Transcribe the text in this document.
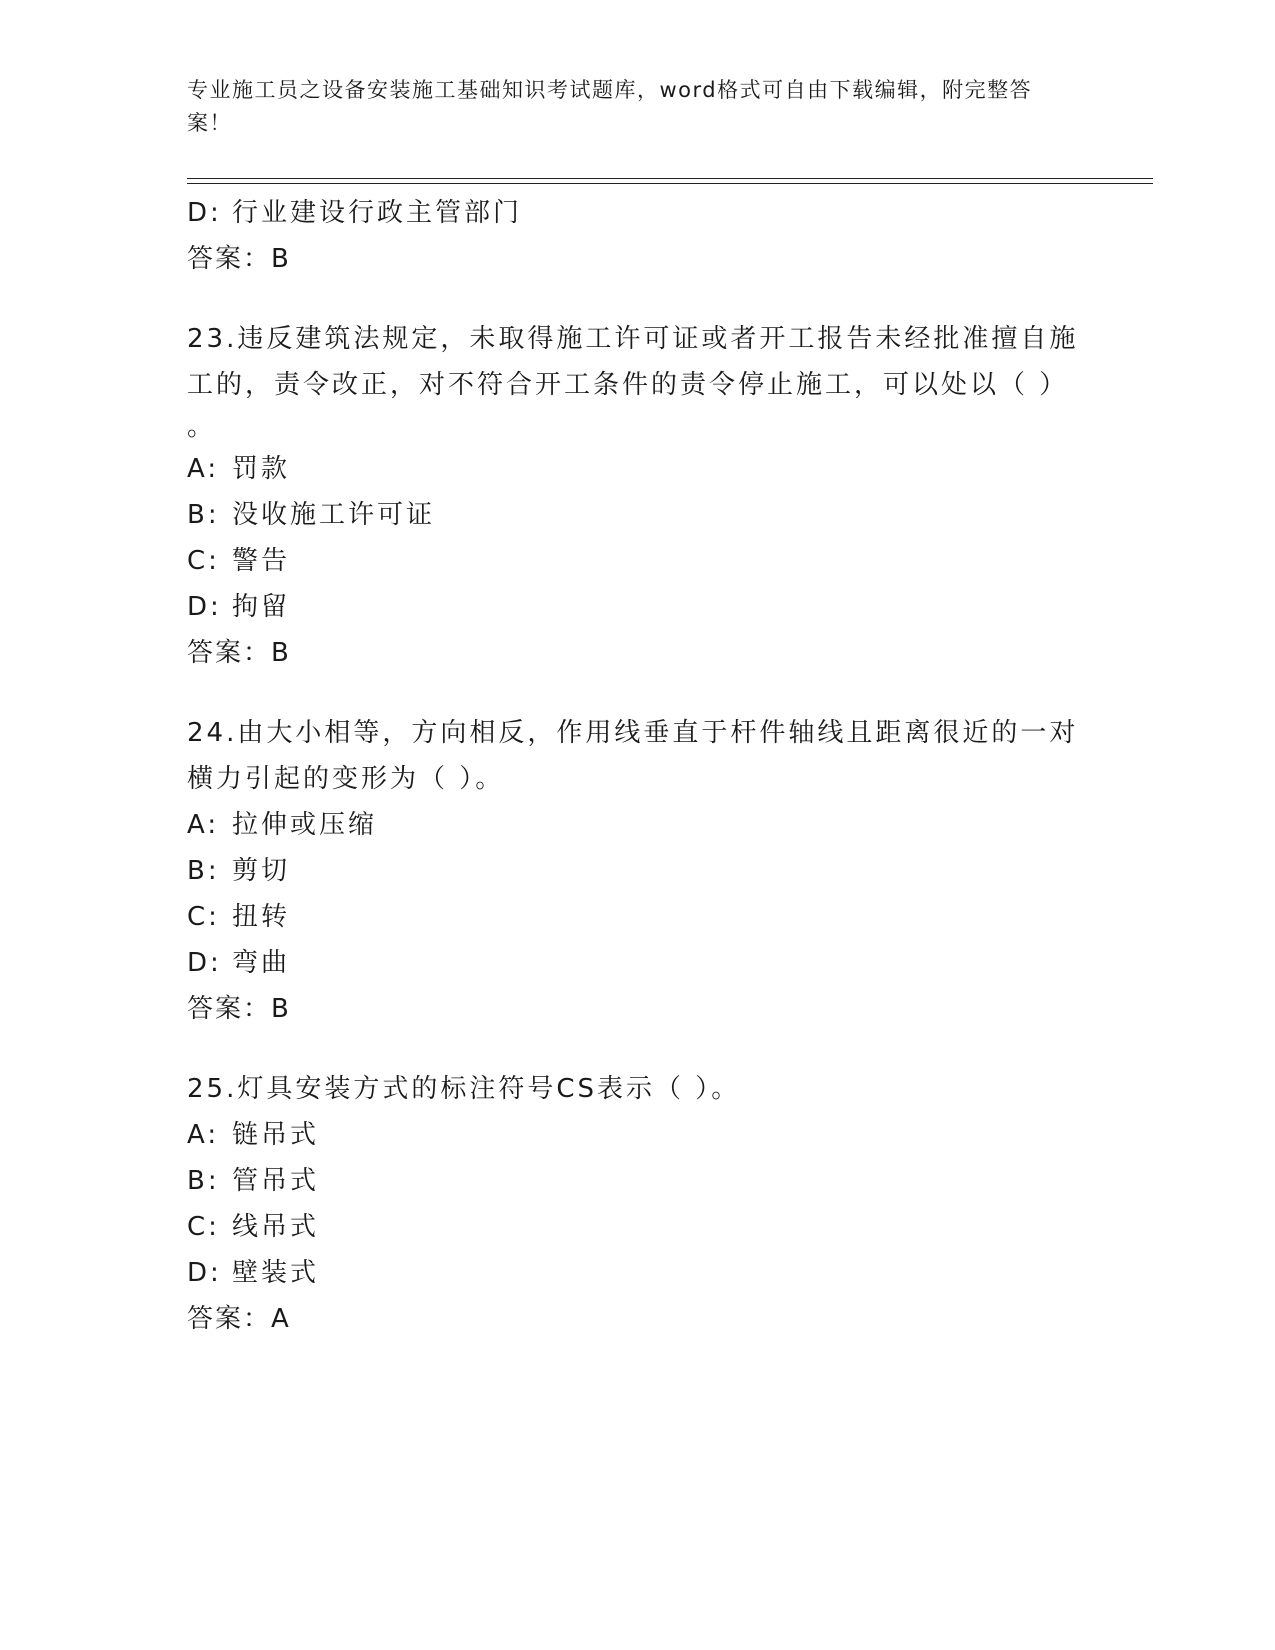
专业施工员之设备安装施工基础知识考试题库，word格式可自由下载编辑，附完整答案！

D: 行业建设行政主管部门

答案：B

23.违反建筑法规定，未取得施工许可证或者开工报告未经批准擅自施工的，责令改正，对不符合开工条件的责令停止施工，可以处以（ ）

。

A: 罚款

B: 没收施工许可证

C: 警告

D: 拘留

答案：B

24.由大小相等，方向相反，作用线垂直于杆件轴线且距离很近的一对横力引起的变形为（ ）。

A: 拉伸或压缩

B: 剪切

C: 扭转

D: 弯曲

答案：B

25.灯具安装方式的标注符号CS表示（ ）。

A: 链吊式

B: 管吊式

C: 线吊式

D: 壁装式

答案：A
